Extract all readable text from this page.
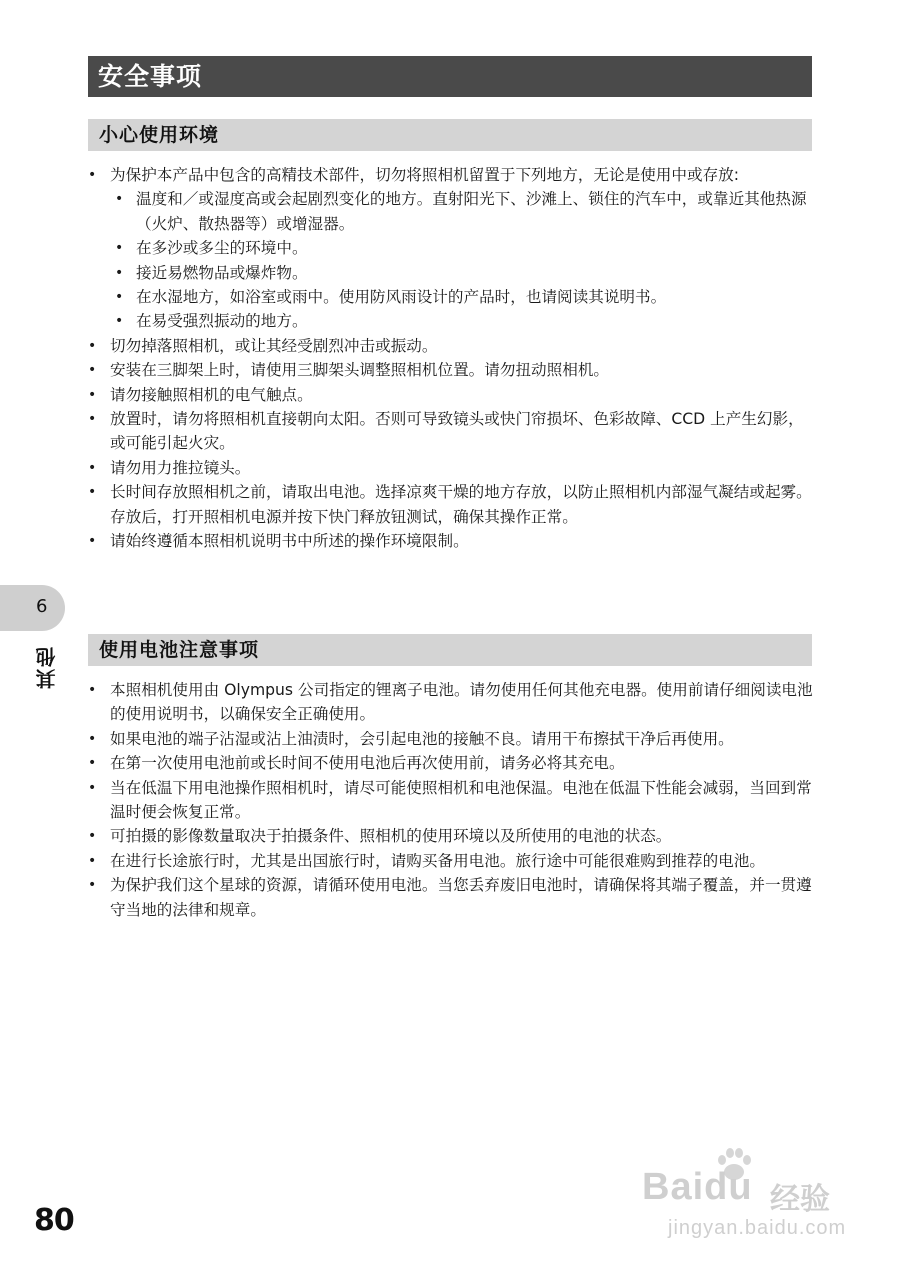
安全事项
小心使用环境
• 为保护本产品中包含的高精技术部件，切勿将照相机留置于下列地方，无论是使用中或存放:
• 温度和／或湿度高或会起剧烈变化的地方。直射阳光下、沙滩上、锁住的汽车中，或靠近其他热源（火炉、散热器等）或增湿器。
• 在多沙或多尘的环境中。
• 接近易燃物品或爆炸物。
• 在水湿地方，如浴室或雨中。使用防风雨设计的产品时，也请阅读其说明书。
• 在易受强烈振动的地方。
• 切勿掉落照相机，或让其经受剧烈冲击或振动。
• 安装在三脚架上时，请使用三脚架头调整照相机位置。请勿扭动照相机。
• 请勿接触照相机的电气触点。
• 放置时，请勿将照相机直接朝向太阳。否则可导致镜头或快门帘损坏、色彩故障、CCD 上产生幻影，或可能引起火灾。
• 请勿用力推拉镜头。
• 长时间存放照相机之前，请取出电池。选择凉爽干燥的地方存放，以防止照相机内部湿气凝结或起雾。存放后，打开照相机电源并按下快门释放钮测试，确保其操作正常。
• 请始终遵循本照相机说明书中所述的操作环境限制。
使用电池注意事项
• 本照相机使用由 Olympus 公司指定的锂离子电池。请勿使用任何其他充电器。使用前请仔细阅读电池的使用说明书，以确保安全正确使用。
• 如果电池的端子沾湿或沾上油渍时，会引起电池的接触不良。请用干布擦拭干净后再使用。
• 在第一次使用电池前或长时间不使用电池后再次使用前，请务必将其充电。
• 当在低温下用电池操作照相机时，请尽可能使照相机和电池保温。电池在低温下性能会减弱，当回到常温时便会恢复正常。
• 可拍摄的影像数量取决于拍摄条件、照相机的使用环境以及所使用的电池的状态。
• 在进行长途旅行时，尤其是出国旅行时，请购买备用电池。旅行途中可能很难购到推荐的电池。
• 为保护我们这个星球的资源，请循环使用电池。当您丢弃废旧电池时，请确保将其端子覆盖，并一贯遵守当地的法律和规章。
6
其他
80
Baidu 经验
jingyan.baidu.com
